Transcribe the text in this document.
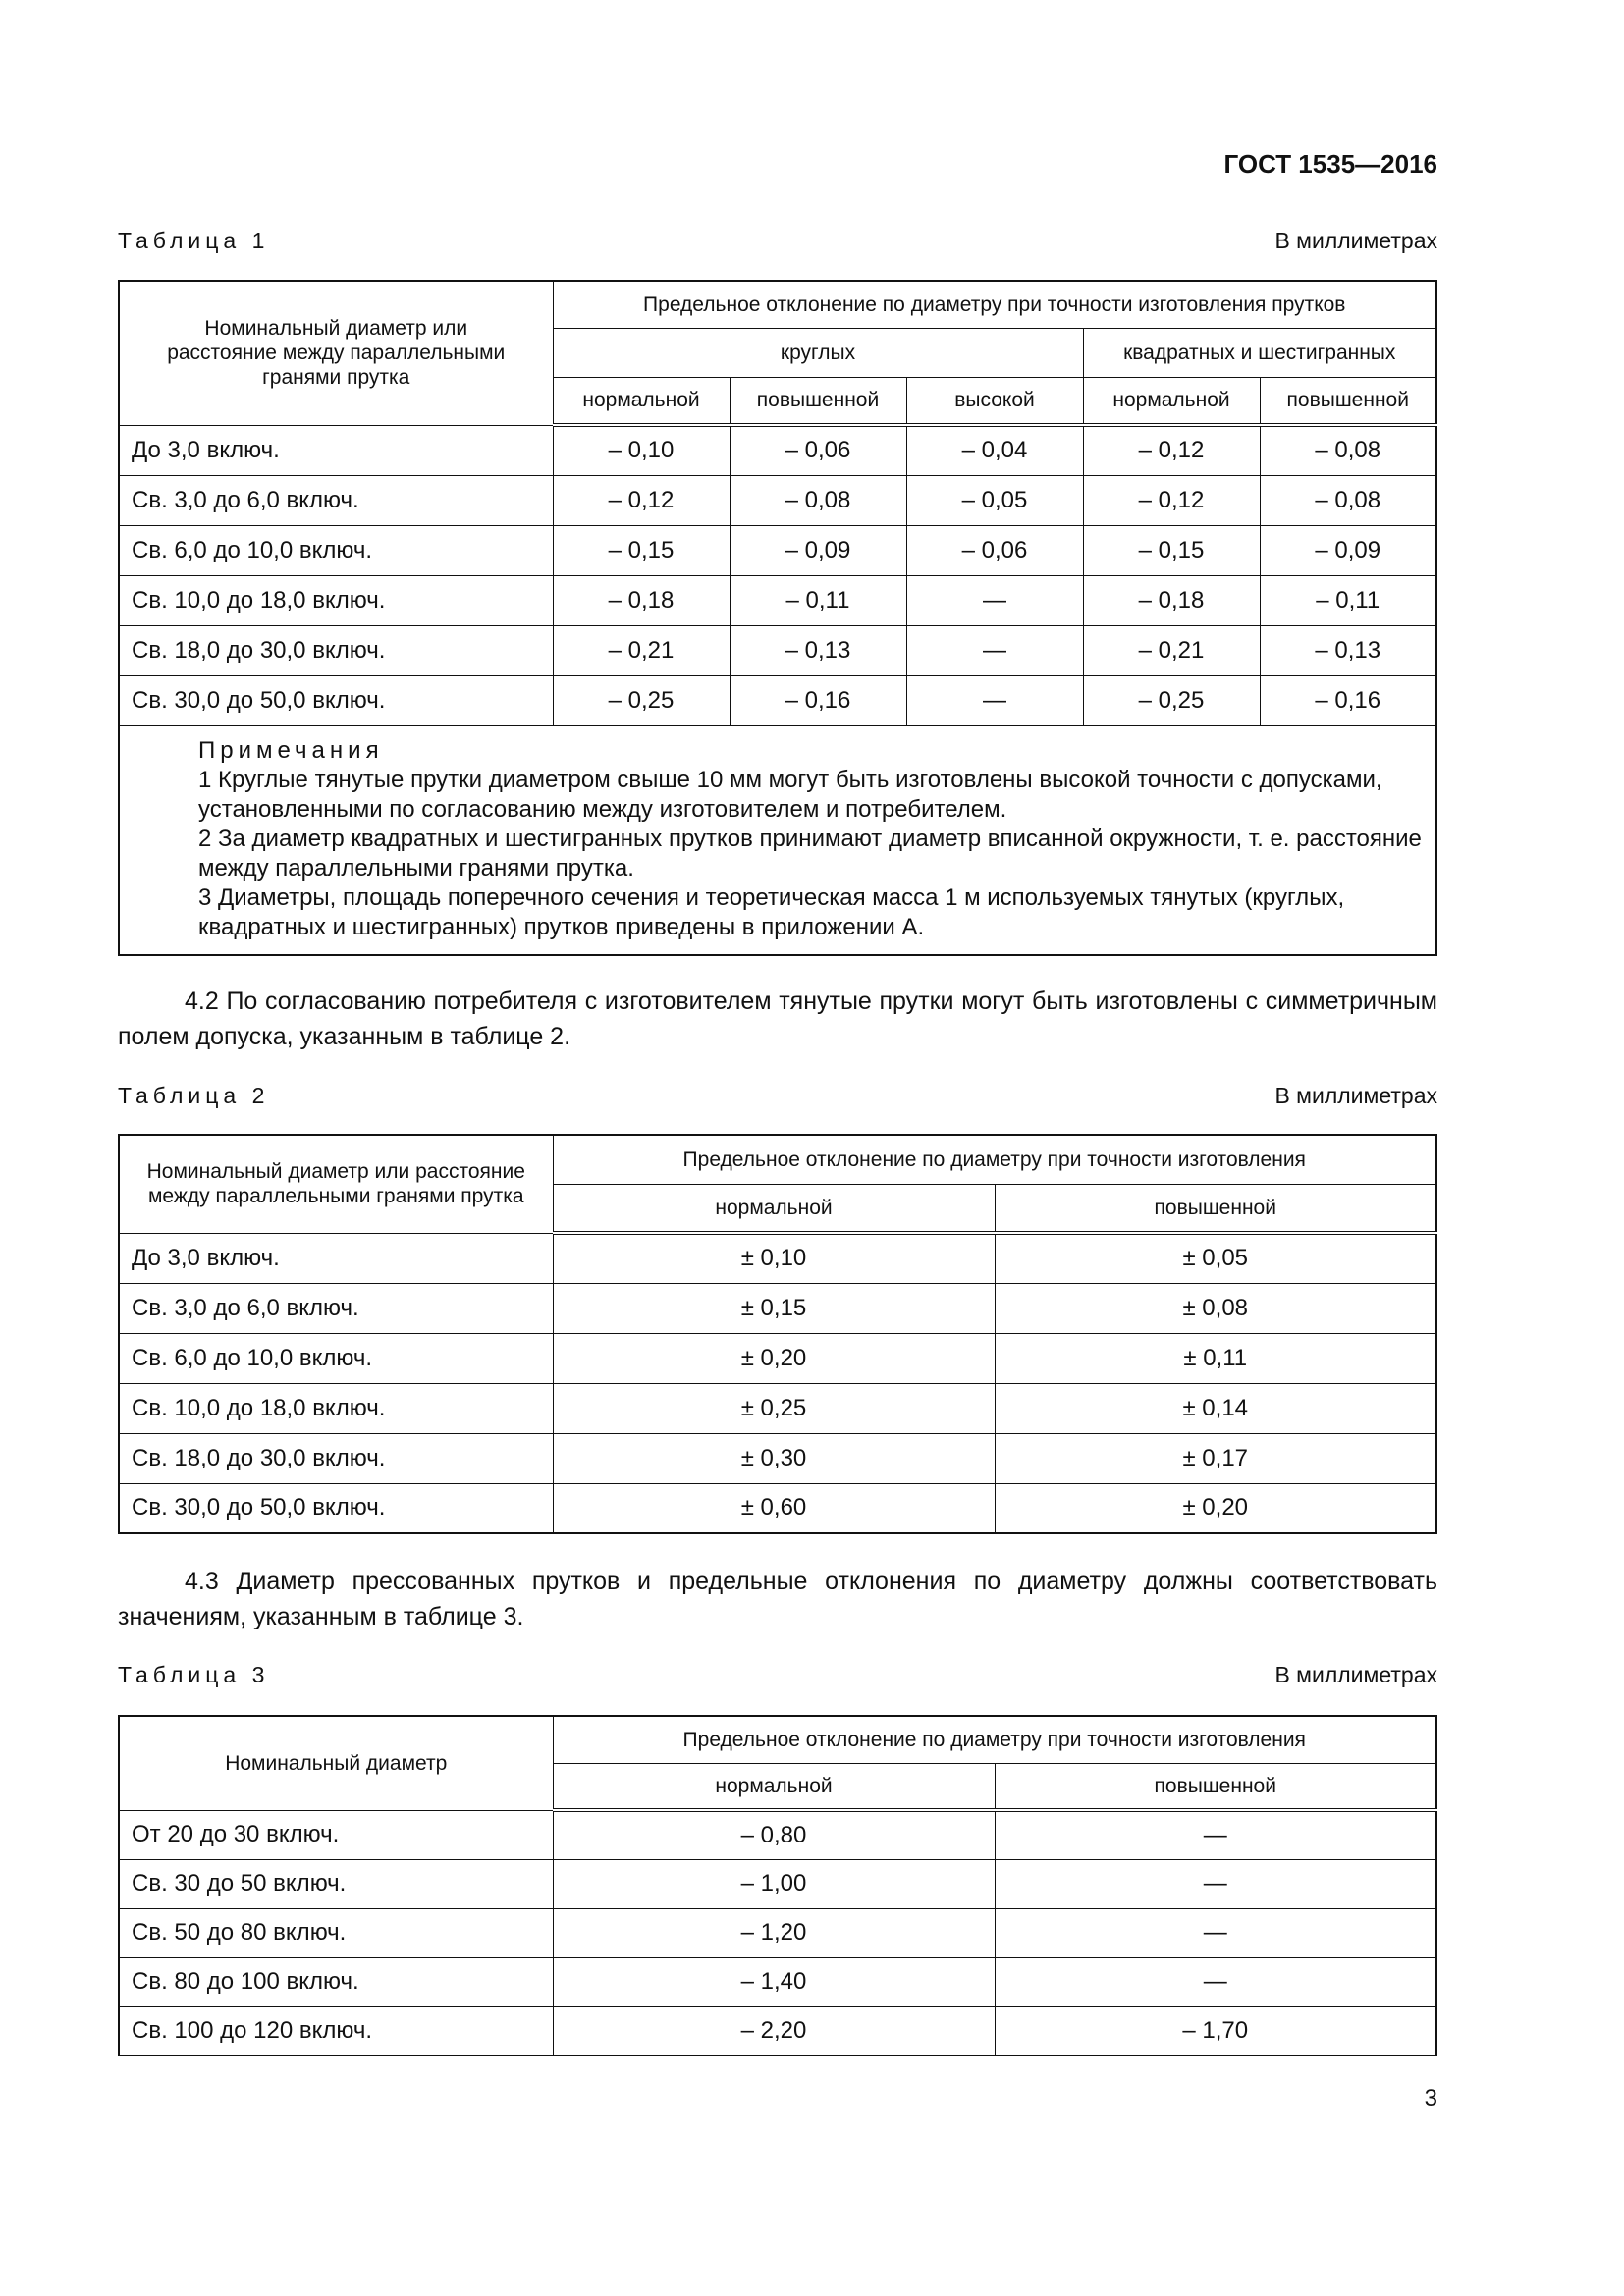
ГОСТ 1535—2016
Таблица 1	В миллиметрах
Номинальный диаметр или расстояние между параллельными гранями прутка	Предельное отклонение по диаметру при точности изготовления прутков				
	круглых			квадратных и шестигранных	
	нормальной	повышенной	высокой	нормальной	повышенной
До 3,0 включ.	– 0,10	– 0,06	– 0,04	– 0,12	– 0,08
Св. 3,0 до 6,0 включ.	– 0,12	– 0,08	– 0,05	– 0,12	– 0,08
Св. 6,0 до 10,0 включ.	– 0,15	– 0,09	– 0,06	– 0,15	– 0,09
Св. 10,0 до 18,0 включ.	– 0,18	– 0,11	—	– 0,18	– 0,11
Св. 18,0 до 30,0 включ.	– 0,21	– 0,13	—	– 0,21	– 0,13
Св. 30,0 до 50,0 включ.	– 0,25	– 0,16	—	– 0,25	– 0,16

Примечания
1 Круглые тянутые прутки диаметром свыше 10 мм могут быть изготовлены высокой точности с допусками, установленными по согласованию между изготовителем и потребителем.
2 За диаметр квадратных и шестигранных прутков принимают диаметр вписанной окружности, т. е. расстояние между параллельными гранями прутка.
3 Диаметры, площадь поперечного сечения и теоретическая масса 1 м используемых тянутых (круглых, квадратных и шестигранных) прутков приведены в приложении А.					
4.2 По согласованию потребителя с изготовителем тянутые прутки могут быть изготовлены с симметричным полем допуска, указанным в таблице 2.
Таблица 2	В миллиметрах
Номинальный диаметр или расстояние между параллельными гранями прутка	Предельное отклонение по диаметру при точности изготовления	
	нормальной	повышенной
До 3,0 включ.	± 0,10	± 0,05
Св. 3,0 до 6,0 включ.	± 0,15	± 0,08
Св. 6,0 до 10,0 включ.	± 0,20	± 0,11
Св. 10,0 до 18,0 включ.	± 0,25	± 0,14
Св. 18,0 до 30,0 включ.	± 0,30	± 0,17
Св. 30,0 до 50,0 включ.	± 0,60	± 0,20
4.3 Диаметр прессованных прутков и предельные отклонения по диаметру должны соответствовать значениям, указанным в таблице 3.
Таблица 3	В миллиметрах
Номинальный диаметр	Предельное отклонение по диаметру при точности изготовления	
	нормальной	повышенной
От 20 до 30 включ.	– 0,80	—
Св. 30 до 50 включ.	– 1,00	—
Св. 50 до 80 включ.	– 1,20	—
Св. 80 до 100 включ.	– 1,40	—
Св. 100 до 120 включ.	– 2,20	– 1,70
3
